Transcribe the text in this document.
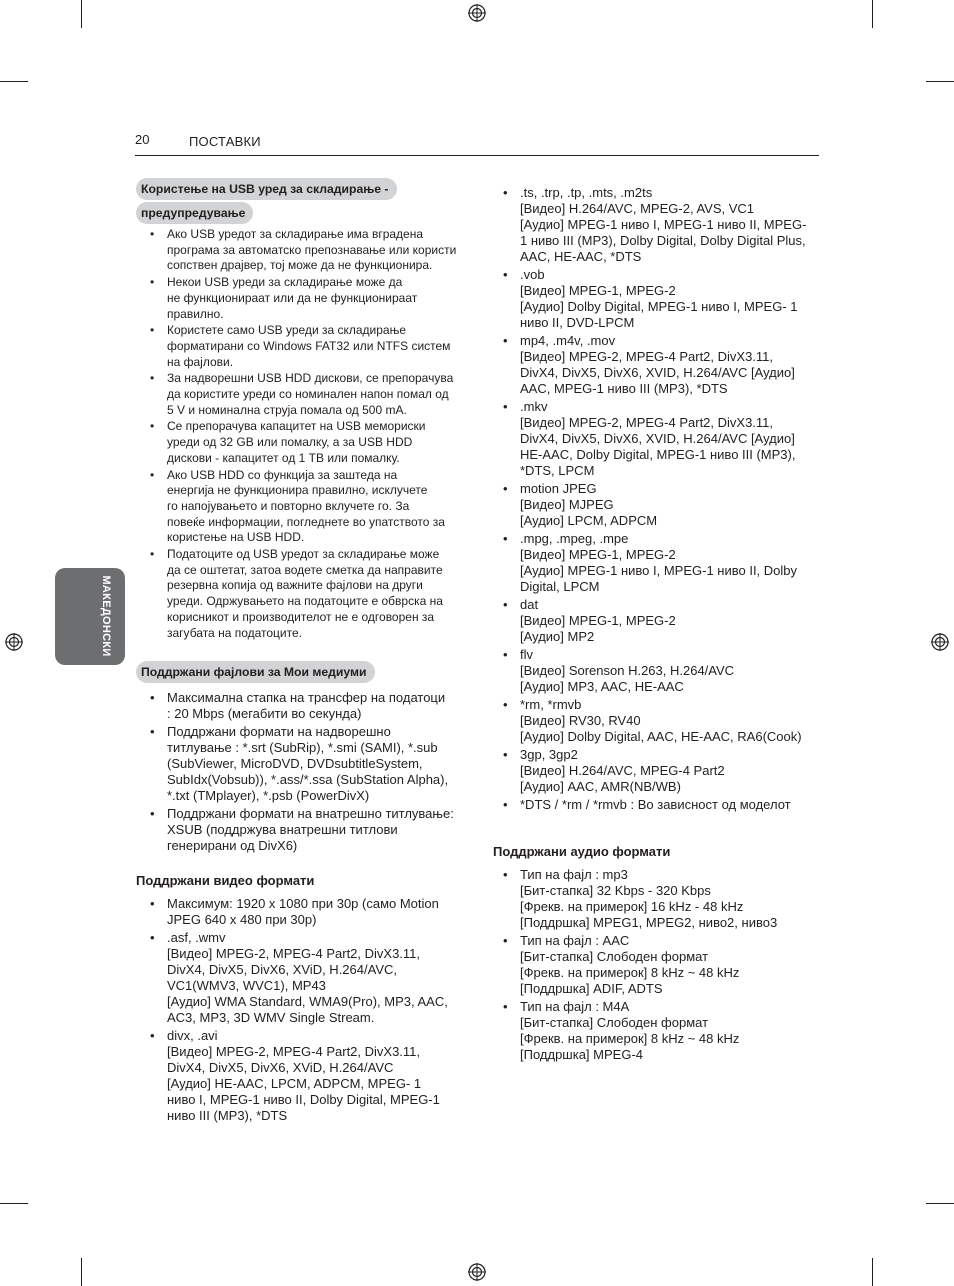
20	ПОСТАВКИ
МАКЕДОНСКИ
Користење на USB уред за складирање -
предупредување
• Ако USB уредот за складирање има вградена
програма за автоматско препознавање или користи
сопствен драјвер, тој може да не функционира.
• Некои USB уреди за складирање може да
не функционираат или да не функционираат
правилно.
• Користете само USB уреди за складирање
форматирани со Windows FAT32 или NTFS систем
на фајлови.
• За надворешни USB HDD дискови, се препорачува
да користите уреди со номинален напон помал од
5 V и номинална струја помала од 500 mA.
• Се препорачува капацитет на USB мемориски
уреди од 32 GB или помалку, а за USB HDD
дискови - капацитет од 1 TB или помалку.
• Ако USB HDD со функција за заштеда на
енергија не функционира правилно, исклучете
го напојувањето и повторно вклучете го. За
повеќе информации, погледнете во упатството за
користење на USB HDD.
• Податоците од USB уредот за складирање може
да се оштетат, затоа водете сметка да направите
резервна копија од важните фајлови на други
уреди. Одржувањето на податоците е обврска на
корисникот и производителот не е одговорен за
загубата на податоците.
Поддржани фајлови за Мои медиуми
• Максимална стапка на трансфер на податоци
: 20 Mbps (мегабити во секунда)
• Поддржани формати на надворешно
титлување : *.srt (SubRip), *.smi (SAMI), *.sub
(SubViewer, MicroDVD, DVDsubtitleSystem,
SubIdx(Vobsub)), *.ass/*.ssa (SubStation Alpha),
*.txt (TMplayer), *.psb (PowerDivX)
• Поддржани формати на внатрешно титлување:
XSUB (поддржува внатрешни титлови
генерирани од DivX6)
Поддржани видео формати
• Максимум: 1920 x 1080 при 30p (само Motion
JPEG 640 x 480 при 30p)
• .asf, .wmv
[Видео] MPEG-2, MPEG-4 Part2, DivX3.11,
DivX4, DivX5, DivX6, XViD, H.264/AVC,
VC1(WMV3, WVC1), MP43
[Аудио] WMA Standard, WMA9(Pro), MP3, AAC,
AC3, MP3, 3D WMV Single Stream.
• divx, .avi
[Видео] MPEG-2, MPEG-4 Part2, DivX3.11,
DivX4, DivX5, DivX6, XViD, H.264/AVC
[Аудио] HE-AAC, LPCM, ADPCM, MPEG- 1
ниво I, MPEG-1 ниво II, Dolby Digital, MPEG-1
ниво III (MP3), *DTS
• .ts, .trp, .tp, .mts, .m2ts
[Видео] H.264/AVC, MPEG-2, AVS, VC1
[Аудио] MPEG-1 ниво I, MPEG-1 ниво II, MPEG-
1 ниво III (MP3), Dolby Digital, Dolby Digital Plus,
AAC, HE-AAC, *DTS
• .vob
[Видео] MPEG-1, MPEG-2
[Аудио] Dolby Digital, MPEG-1 ниво I, MPEG- 1
ниво II, DVD-LPCM
• mp4, .m4v, .mov
[Видео] MPEG-2, MPEG-4 Part2, DivX3.11,
DivX4, DivX5, DivX6, XVID, H.264/AVC [Аудио]
AAC, MPEG-1 ниво III (MP3), *DTS
• .mkv
[Видео] MPEG-2, MPEG-4 Part2, DivX3.11,
DivX4, DivX5, DivX6, XVID, H.264/AVC [Аудио]
HE-AAC, Dolby Digital, MPEG-1 ниво III (MP3),
*DTS, LPCM
• motion JPEG
[Видео] MJPEG
[Аудио] LPCM, ADPCM
• .mpg, .mpeg, .mpe
[Видео] MPEG-1, MPEG-2
[Аудио] MPEG-1 ниво I, MPEG-1 ниво II, Dolby
Digital, LPCM
• dat
[Видео] MPEG-1, MPEG-2
[Аудио] MP2
• flv
[Видео] Sorenson H.263, H.264/AVC
[Аудио] MP3, AAC, HE-AAC
• *rm, *rmvb
[Видео] RV30, RV40
[Аудио] Dolby Digital, AAC, HE-AAC, RA6(Cook)
• 3gp, 3gp2
[Видео] H.264/AVC, MPEG-4 Part2
[Аудио] AAC, AMR(NB/WB)
• *DTS / *rm / *rmvb : Во зависност од моделот
Поддржани аудио формати
• Тип на фајл : mp3
[Бит-стапка] 32 Kbps - 320 Kbps
[Фрекв. на примерок] 16 kHz - 48 kHz
[Поддршка] MPEG1, MPEG2, ниво2, ниво3
• Тип на фајл : AAC
[Бит-стапка] Слободен формат
[Фрекв. на примерок] 8 kHz ~ 48 kHz
[Поддршка] ADIF, ADTS
• Тип на фајл : M4A
[Бит-стапка] Слободен формат
[Фрекв. на примерок] 8 kHz ~ 48 kHz
[Поддршка] MPEG-4
